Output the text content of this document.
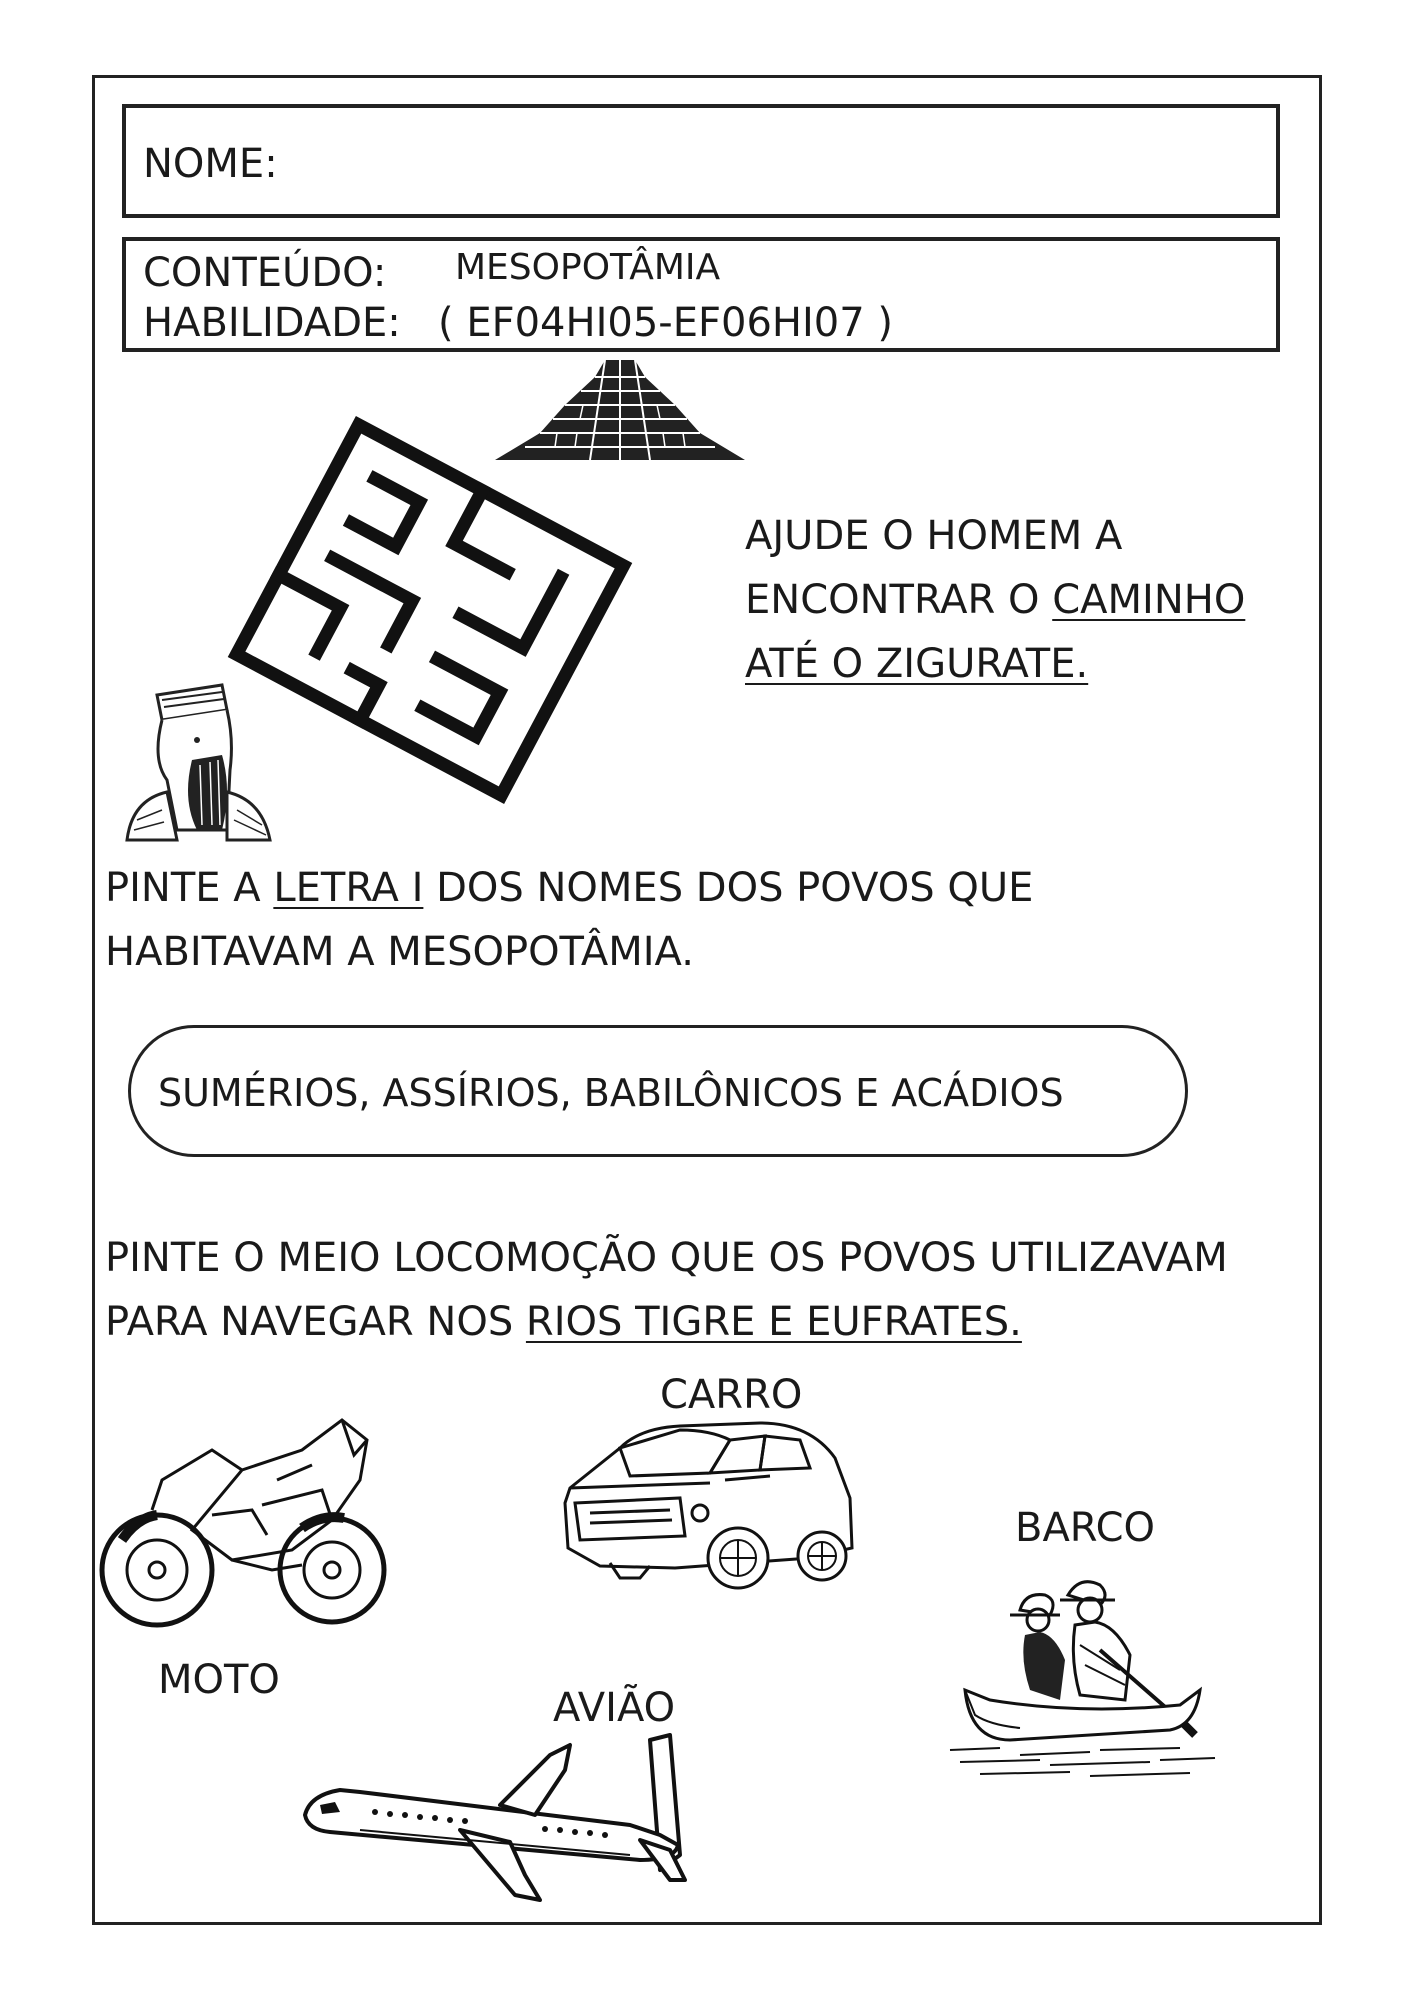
NOME:
CONTEÚDO: MESOPOTÂMIA
HABILIDADE: ( EF04HI05-EF06HI07 )
AJUDE O HOMEM A
ENCONTRAR O CAMINHO
ATÉ O ZIGURATE.
PINTE A LETRA I DOS NOMES DOS POVOS QUE
HABITAVAM A MESOPOTÂMIA.
SUMÉRIOS, ASSÍRIOS, BABILÔNICOS E ACÁDIOS
PINTE O MEIO LOCOMOÇÃO QUE OS POVOS UTILIZAVAM
PARA NAVEGAR NOS RIOS TIGRE E EUFRATES.
CARRO
BARCO
MOTO
AVIÃO
